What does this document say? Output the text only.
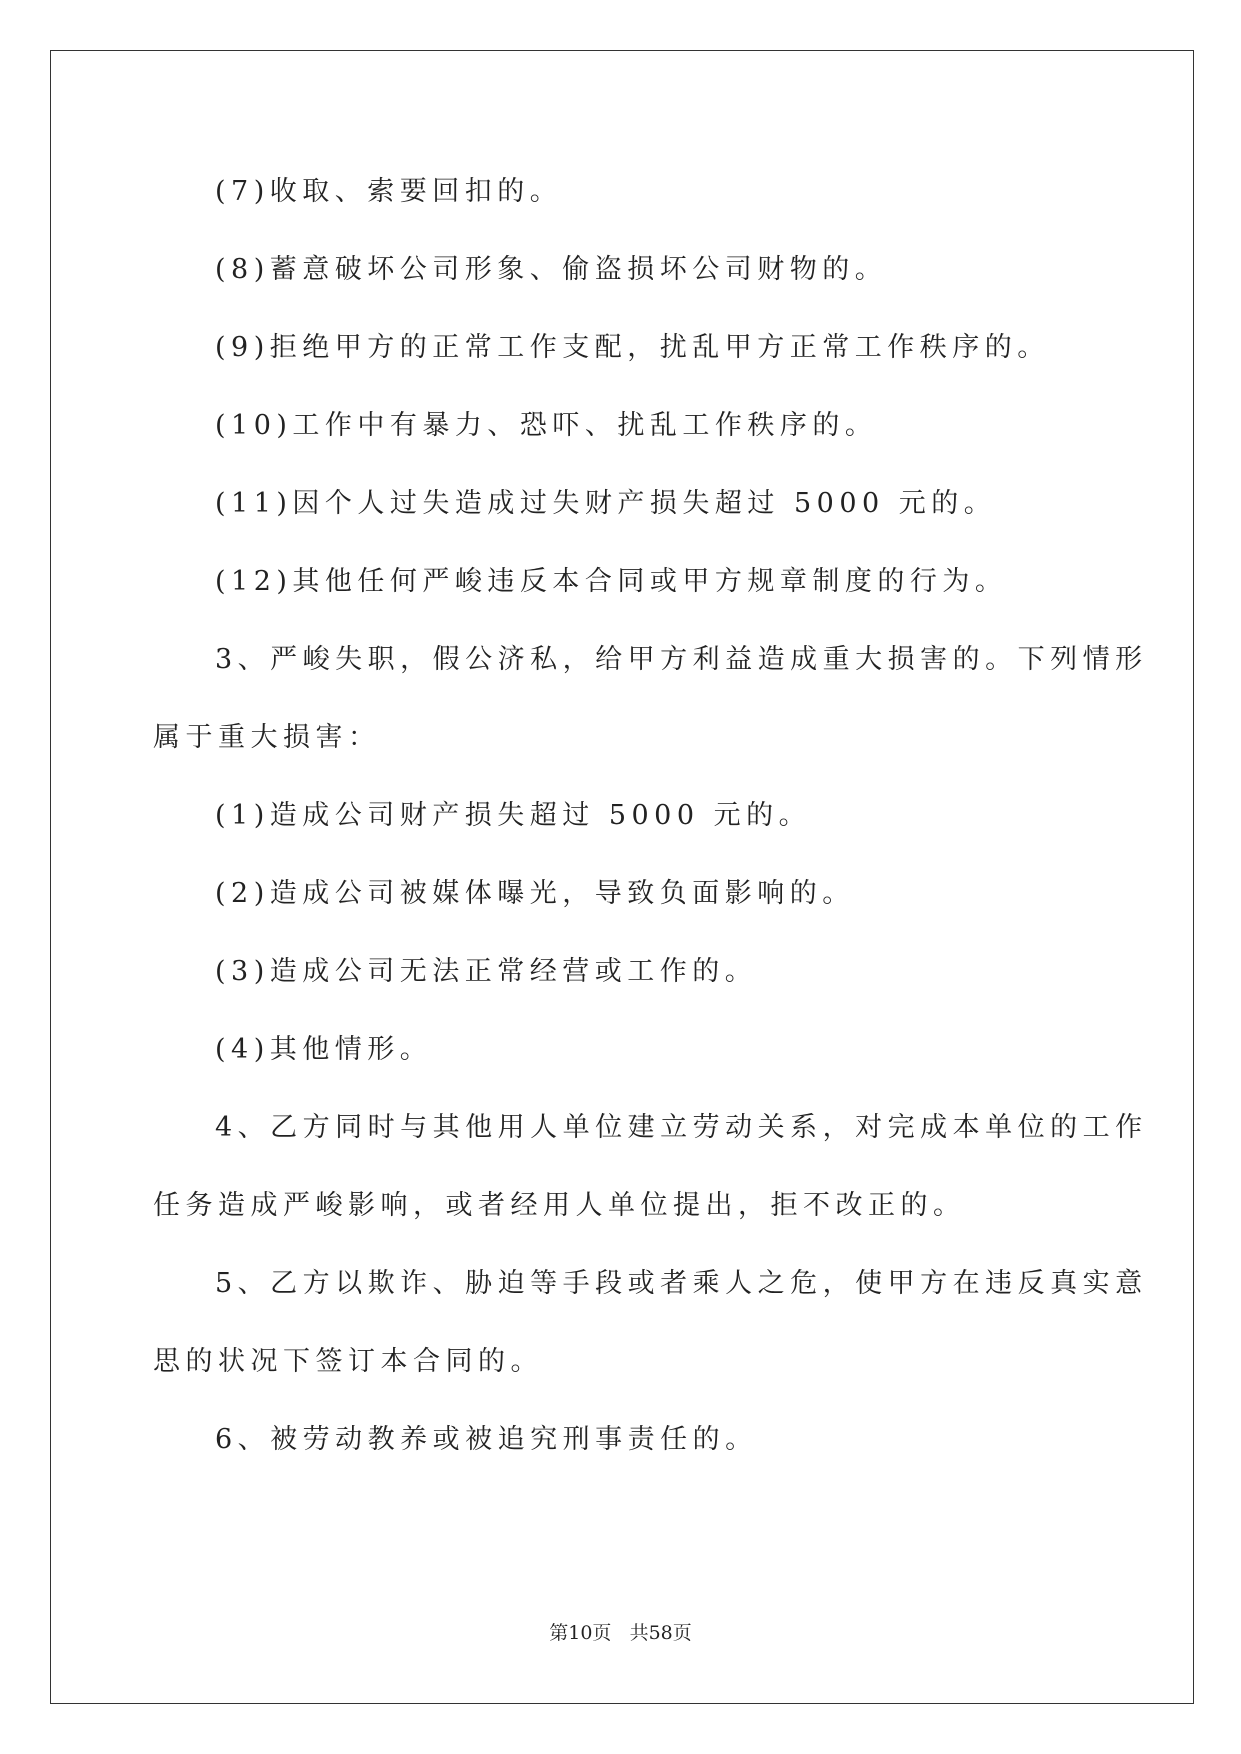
(7)收取、索要回扣的。
(8)蓄意破坏公司形象、偷盗损坏公司财物的。
(9)拒绝甲方的正常工作支配，扰乱甲方正常工作秩序的。
(10)工作中有暴力、恐吓、扰乱工作秩序的。
(11)因个人过失造成过失财产损失超过 5000 元的。
(12)其他任何严峻违反本合同或甲方规章制度的行为。
3、严峻失职，假公济私，给甲方利益造成重大损害的。下列情形
属于重大损害：
(1)造成公司财产损失超过 5000 元的。
(2)造成公司被媒体曝光，导致负面影响的。
(3)造成公司无法正常经营或工作的。
(4)其他情形。
4、乙方同时与其他用人单位建立劳动关系，对完成本单位的工作
任务造成严峻影响，或者经用人单位提出，拒不改正的。
5、乙方以欺诈、胁迫等手段或者乘人之危，使甲方在违反真实意
思的状况下签订本合同的。
6、被劳动教养或被追究刑事责任的。
第10页 共58页
